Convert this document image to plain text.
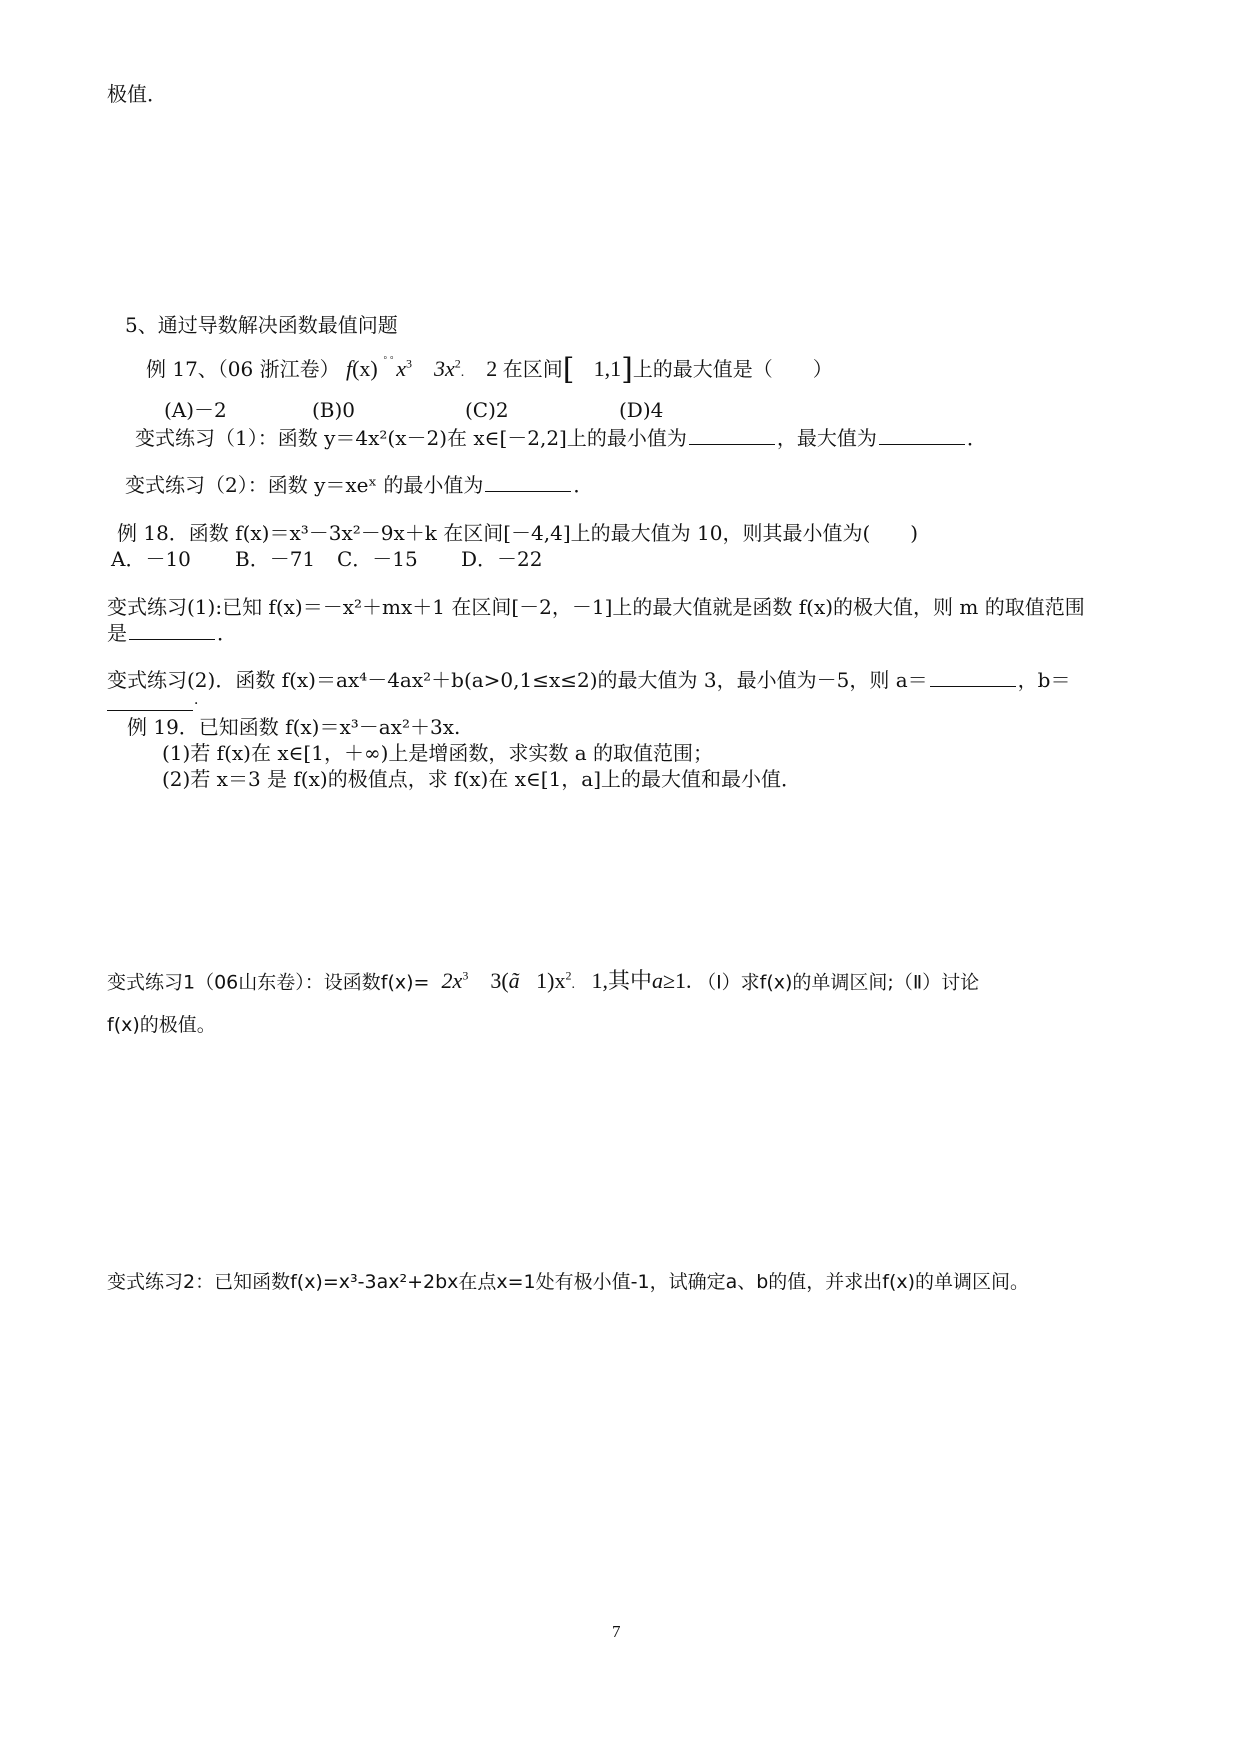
极值．
5、通过导数解决函数最值问题
例 17、（06 浙江卷） f(x) $^{ﾟﾟ}x^3$ $3x^2$. 2 在区间[ 1,1]上的最大值是（　　）
(A)－2	(B)0	(C)2	(D)4
变式练习（1）：函数 y＝4x²(x－2)在 x∈[－2,2]上的最小值为	，最大值为	．
变式练习（2）：函数 y＝xeˣ 的最小值为	．
例 18．函数 f(x)＝x³－3x²－9x＋k 在区间[－4,4]上的最大值为 10，则其最小值为(　　)
A．－10 B．－71 C．－15 D．－22
变式练习(1):已知 f(x)＝－x²＋mx＋1 在区间[－2，－1]上的最大值就是函数 f(x)的极大值，则 m 的取值范围
是	．
变式练习(2)．函数 f(x)＝ax⁴－4ax²＋b(a>0,1≤x≤2)的最大值为 3，最小值为－5，则 a＝	，b＝
．
例 19．已知函数 f(x)＝x³－ax²＋3x.
(1)若 f(x)在 x∈[1，＋∞)上是增函数，求实数 a 的取值范围；
(2)若 x＝3 是 f(x)的极值点，求 f(x)在 x∈[1，a]上的最大值和最小值．
变式练习1（06山东卷）：设函数$f(x)= 2x^3$ 3(ã $1)x^2$. 1,其中a≥1. （Ⅰ）求f(x)的单调区间;（Ⅱ）讨论
f(x)的极值。
变式练习2：已知函数f(x)=x³-3ax²+2bx在点x=1处有极小值-1，试确定a、b的值，并求出f(x)的单调区间。
7
